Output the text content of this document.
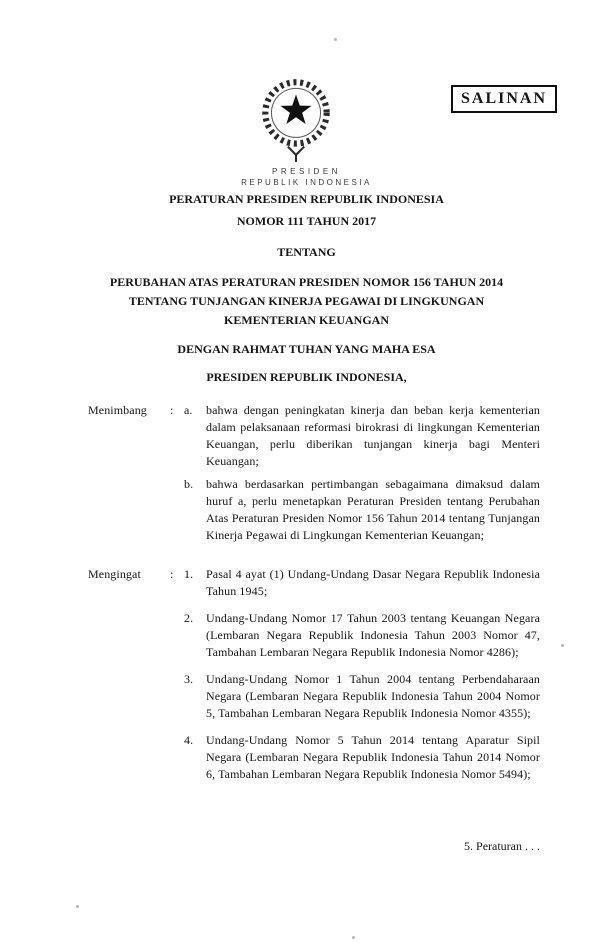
SALINAN
PRESIDEN
REPUBLIK INDONESIA
PERATURAN PRESIDEN REPUBLIK INDONESIA
NOMOR 111 TAHUN 2017
TENTANG
PERUBAHAN ATAS PERATURAN PRESIDEN NOMOR 156 TAHUN 2014
TENTANG TUNJANGAN KINERJA PEGAWAI DI LINGKUNGAN
KEMENTERIAN KEUANGAN
DENGAN RAHMAT TUHAN YANG MAHA ESA
PRESIDEN REPUBLIK INDONESIA,
Menimbang	: a.	bahwa dengan peningkatan kinerja dan beban kerja kementerian dalam pelaksanaan reformasi birokrasi di lingkungan Kementerian Keuangan, perlu diberikan tunjangan kinerja bagi Menteri Keuangan;
b.	bahwa berdasarkan pertimbangan sebagaimana dimaksud dalam huruf a, perlu menetapkan Peraturan Presiden tentang Perubahan Atas Peraturan Presiden Nomor 156 Tahun 2014 tentang Tunjangan Kinerja Pegawai di Lingkungan Kementerian Keuangan;
Mengingat	: 1.	Pasal 4 ayat (1) Undang-Undang Dasar Negara Republik Indonesia Tahun 1945;
2.	Undang-Undang Nomor 17 Tahun 2003 tentang Keuangan Negara (Lembaran Negara Republik Indonesia Tahun 2003 Nomor 47, Tambahan Lembaran Negara Republik Indonesia Nomor 4286);
3.	Undang-Undang Nomor 1 Tahun 2004 tentang Perbendaharaan Negara (Lembaran Negara Republik Indonesia Tahun 2004 Nomor 5, Tambahan Lembaran Negara Republik Indonesia Nomor 4355);
4.	Undang-Undang Nomor 5 Tahun 2014 tentang Aparatur Sipil Negara (Lembaran Negara Republik Indonesia Tahun 2014 Nomor 6, Tambahan Lembaran Negara Republik Indonesia Nomor 5494);
5. Peraturan . . .
